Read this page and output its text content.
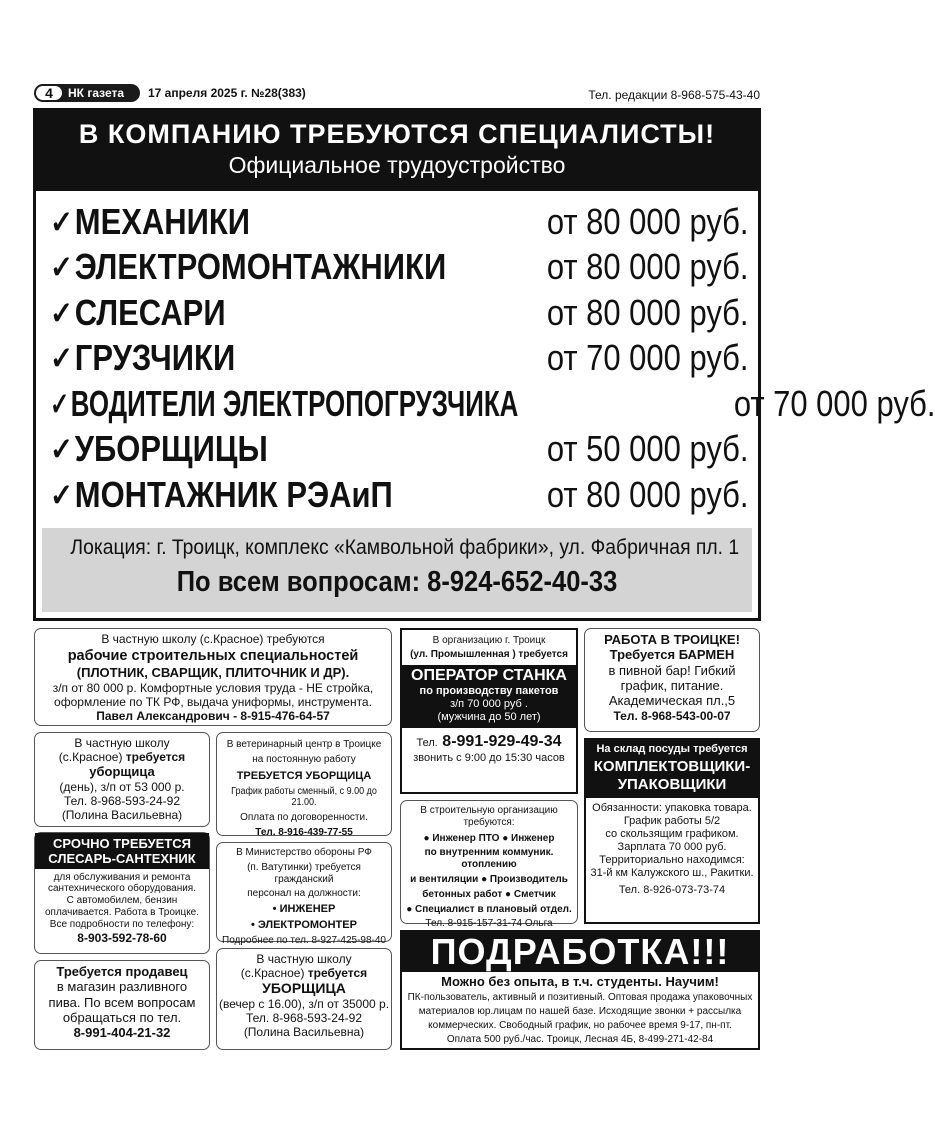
4	НК газета 17 апреля 2025 г. №28(383)	Тел. редакции 8-968-575-43-40
В КОМПАНИЮ ТРЕБУЮТСЯ СПЕЦИАЛИСТЫ!
Официальное трудоустройство
✓ МЕХАНИКИ	от 80 000 руб.
✓ ЭЛЕКТРОМОНТАЖНИКИ	от 80 000 руб.
✓ СЛЕСАРИ	от 80 000 руб.
✓ ГРУЗЧИКИ	от 70 000 руб.
✓ ВОДИТЕЛИ ЭЛЕКТРОПОГРУЗЧИКА	от 70 000 руб.
✓ УБОРЩИЦЫ	от 50 000 руб.
✓ МОНТАЖНИК РЭАиП	от 80 000 руб.
Локация: г. Троицк, комплекс «Камвольной фабрики», ул. Фабричная пл. 1
По всем вопросам: 8-924-652-40-33
В частную школу (с.Красное) требуются
рабочие строительных специальностей
(ПЛОТНИК, СВАРЩИК, ПЛИТОЧНИК И ДР).
з/п от 80 000 р. Комфортные условия труда - НЕ стройка,
оформление по ТК РФ, выдача униформы, инструмента.
Павел Александрович - 8-915-476-64-57
В частную школу
(с.Красное) требуется
уборщица
(день), з/п от 53 000 р.
Тел. 8-968-593-24-92
(Полина Васильевна)
СРОЧНО ТРЕБУЕТСЯ
СЛЕСАРЬ-САНТЕХНИК
для обслуживания и ремонта
сантехнического оборудования.
С автомобилем, бензин
оплачивается. Работа в Троицке.
Все подробности по телефону:
8-903-592-78-60
Требуется продавец
в магазин разливного
пива. По всем вопросам
обращаться по тел.
8-991-404-21-32
В ветеринарный центр в Троицке
на постоянную работу
ТРЕБУЕТСЯ УБОРЩИЦА
График работы сменный, с 9.00 до 21.00.
Оплата по договоренности.
Тел. 8-916-439-77-55
В Министерство обороны РФ
(п. Ватутинки) требуется гражданский
персонал на должности:
• ИНЖЕНЕР
• ЭЛЕКТРОМОНТЕР
Подробнее по тел. 8-927-425-98-40
В частную школу
(с.Красное) требуется
УБОРЩИЦА
(вечер с 16.00), з/п от 35000 р.
Тел. 8-968-593-24-92
(Полина Васильевна)
В организацию г. Троицк
(ул. Промышленная ) требуется
ОПЕРАТОР СТАНКА
по производству пакетов
з/п 70 000 руб .
(мужчина до 50 лет)
Тел. 8-991-929-49-34
звонить с 9:00 до 15:30 часов
В строительную организацию требуются:
● Инженер ПТО ● Инженер
по внутренним коммуник. отоплению
и вентиляции ● Производитель
бетонных работ ● Сметчик
● Специалист в плановый отдел.
Тел. 8-915-157-31-74 Ольга
РАБОТА В ТРОИЦКЕ!
Требуется БАРМЕН
в пивной бар! Гибкий
график, питание.
Академическая пл.,5
Тел. 8-968-543-00-07
На склад посуды требуется
КОМПЛЕКТОВЩИКИ-
УПАКОВЩИКИ
Обязанности: упаковка товара.
График работы 5/2
со скользящим графиком.
Зарплата 70 000 руб.
Территориально находимся:
31-й км Калужского ш., Ракитки.
Тел. 8-926-073-73-74
ПОДРАБОТКА!!!
Можно без опыта, в т.ч. студенты. Научим!
ПК-пользователь, активный и позитивный. Оптовая продажа упаковочных
материалов юр.лицам по нашей базе. Исходящие звонки + рассылка
коммерческих. Свободный график, но рабочее время 9-17, пн-пт.
Оплата 500 руб./час. Троицк, Лесная 4Б, 8-499-271-42-84
